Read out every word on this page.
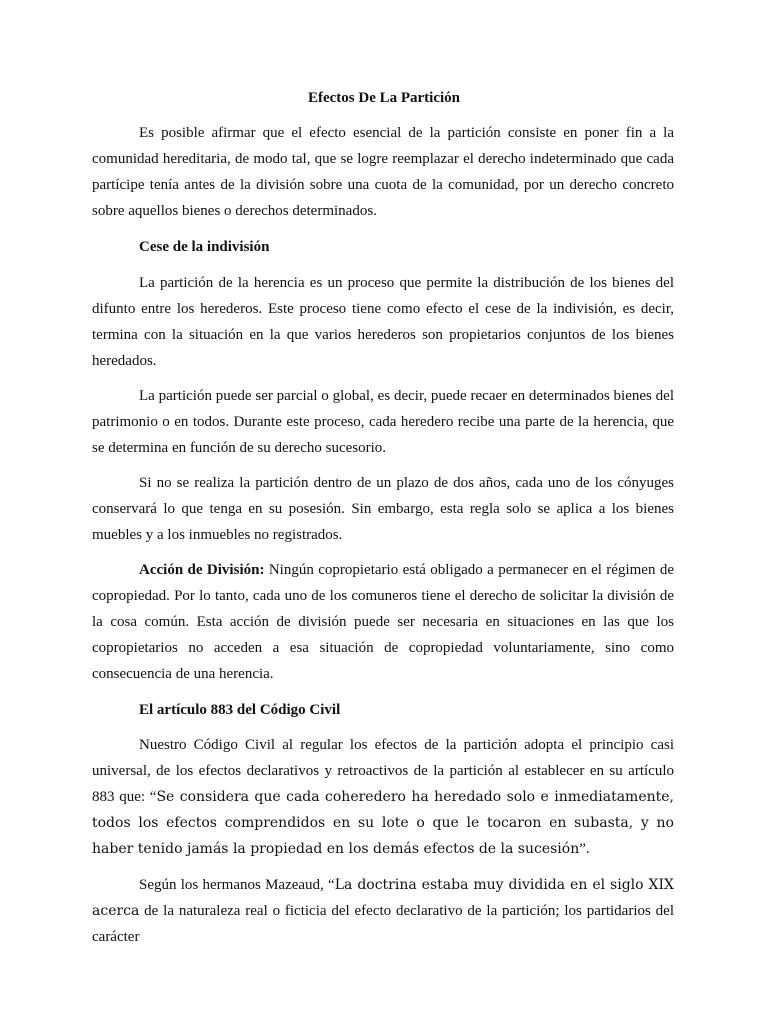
Efectos De La Partición

Es posible afirmar que el efecto esencial de la partición consiste en poner fin a la comunidad hereditaria, de modo tal, que se logre reemplazar el derecho indeterminado que cada partícipe tenía antes de la división sobre una cuota de la comunidad, por un derecho concreto sobre aquellos bienes o derechos determinados.

Cese de la indivisión

La partición de la herencia es un proceso que permite la distribución de los bienes del difunto entre los herederos. Este proceso tiene como efecto el cese de la indivisión, es decir, termina con la situación en la que varios herederos son propietarios conjuntos de los bienes heredados.

La partición puede ser parcial o global, es decir, puede recaer en determinados bienes del patrimonio o en todos. Durante este proceso, cada heredero recibe una parte de la herencia, que se determina en función de su derecho sucesorio.

Si no se realiza la partición dentro de un plazo de dos años, cada uno de los cónyuges conservará lo que tenga en su posesión. Sin embargo, esta regla solo se aplica a los bienes muebles y a los inmuebles no registrados.

Acción de División: Ningún copropietario está obligado a permanecer en el régimen de copropiedad. Por lo tanto, cada uno de los comuneros tiene el derecho de solicitar la división de la cosa común. Esta acción de división puede ser necesaria en situaciones en las que los copropietarios no acceden a esa situación de copropiedad voluntariamente, sino como consecuencia de una herencia.

El artículo 883 del Código Civil

Nuestro Código Civil al regular los efectos de la partición adopta el principio casi universal, de los efectos declarativos y retroactivos de la partición al establecer en su artículo 883 que: “Se considera que cada coheredero ha heredado solo e inmediatamente, todos los efectos comprendidos en su lote o que le tocaron en subasta, y no haber tenido jamás la propiedad en los demás efectos de la sucesión”.

Según los hermanos Mazeaud, “La doctrina estaba muy dividida en el siglo XIX acerca de la naturaleza real o ficticia del efecto declarativo de la partición; los partidarios del carácter
